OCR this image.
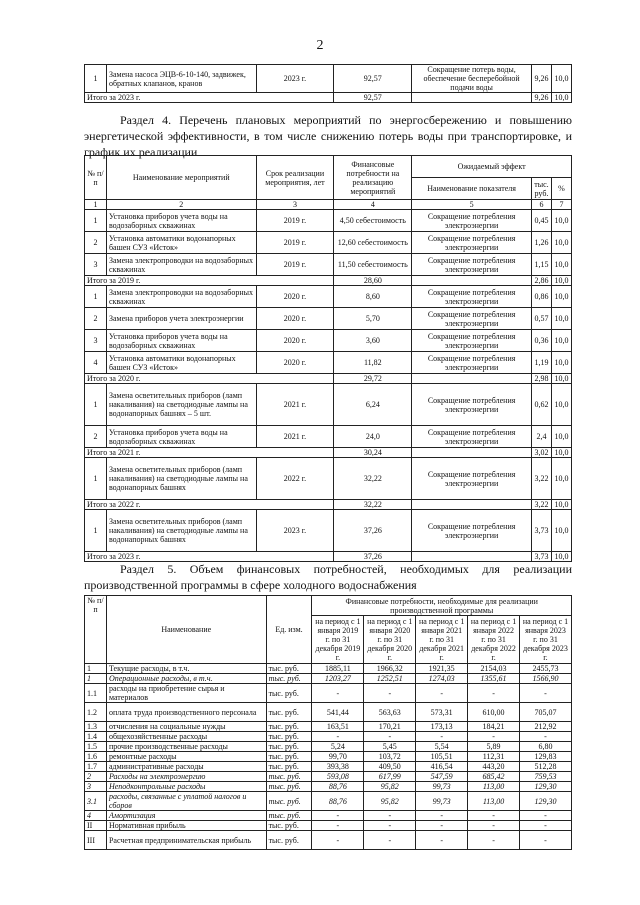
2
1	Замена насоса ЭЦВ-6-10-140, задвижек, обратных клапанов, кранов	2023 г.	92,57	Сокращение потерь воды, обеспечение бесперебойной подачи воды	9,26	10,0
Итого за 2023 г.			92,57		9,26	10,0
Раздел 4. Перечень плановых мероприятий по энергосбережению и повышению энергетической эффективности, в том числе снижению потерь воды при транспортировке, и график их реализации
№ п/п	Наименование мероприятий	Срок реализации мероприятия, лет	Финансовые потребности на реализацию мероприятий	Ожидаемый эффект		
				Наименование показателя	тыс. руб.	%
1	2	3	4	5	6	7
1	Установка приборов учета воды на водозаборных скважинах	2019 г.	4,50 себестоимость	Сокращение потребления электроэнергии	0,45	10,0
2	Установка автоматики водонапорных башен СУЗ «Исток»	2019 г.	12,60 себестоимость	Сокращение потребления электроэнергии	1,26	10,0
3	Замена электропроводки на водозаборных скважинах	2019 г.	11,50 себестоимость	Сокращение потребления электроэнергии	1,15	10,0
Итого за 2019 г.			28,60		2,86	10,0
1	Замена электропроводки на водозаборных скважинах	2020 г.	8,60	Сокращение потребления электроэнергии	0,86	10,0
2	Замена приборов учета электроэнергии	2020 г.	5,70	Сокращение потребления электроэнергии	0,57	10,0
3	Установка приборов учета воды на водозаборных скважинах	2020 г.	3,60	Сокращение потребления электроэнергии	0,36	10,0
4	Установка автоматики водонапорных башен СУЗ «Исток»	2020 г.	11,82	Сокращение потребления электроэнергии	1,19	10,0
Итого за 2020 г.			29,72		2,98	10,0
1	Замена осветительных приборов (ламп накаливания) на светодиодные лампы на водонапорных башнях – 5 шт.	2021 г.	6,24	Сокращение потребления электроэнергии	0,62	10,0
2	Установка приборов учета воды на водозаборных скважинах	2021 г.	24,0	Сокращение потребления электроэнергии	2,4	10,0
Итого за 2021 г.			30,24		3,02	10,0
1	Замена осветительных приборов (ламп накаливания) на светодиодные лампы на водонапорных башнях	2022 г.	32,22	Сокращение потребления электроэнергии	3,22	10,0
Итого за 2022 г.			32,22		3,22	10,0
1	Замена осветительных приборов (ламп накаливания) на светодиодные лампы на водонапорных башнях	2023 г.	37,26	Сокращение потребления электроэнергии	3,73	10,0
Итого за 2023 г.			37,26		3,73	10,0
Раздел 5. Объем финансовых потребностей, необходимых для реализации производственной программы в сфере холодного водоснабжения
№ п/п	Наименование	Ед. изм.	Финансовые потребности, необходимые для реализации производственной программы				
			на период с 1 января 2019 г. по 31 декабря 2019 г.	на период с 1 января 2020 г. по 31 декабря 2020 г.	на период с 1 января 2021 г. по 31 декабря 2021 г.	на период с 1 января 2022 г. по 31 декабря 2022 г.	на период с 1 января 2023 г. по 31 декабря 2023 г.
1	Текущие расходы, в т.ч.	тыс. руб.	1885,11	1966,32	1921,35	2154,03	2455,73
1	Операционные расходы, в т.ч.	тыс. руб.	1203,27	1252,51	1274,03	1355,61	1566,90
1.1	расходы на приобретение сырья и материалов	тыс. руб.	-	-	-	-	-
1.2	оплата труда производственного персонала	тыс. руб.	541,44	563,63	573,31	610,00	705,07
1.3	отчисления на социальные нужды	тыс. руб.	163,51	170,21	173,13	184,21	212,92
1.4	общехозяйственные расходы	тыс. руб.	-	-	-	-	-
1.5	прочие производственные расходы	тыс. руб.	5,24	5,45	5,54	5,89	6,80
1.6	ремонтные расходы	тыс. руб.	99,70	103,72	105,51	112,31	129,83
1.7	административные расходы	тыс. руб.	393,38	409,50	416,54	443,20	512,28
2	Расходы на электроэнергию	тыс. руб.	593,08	617,99	547,59	685,42	759,53
3	Неподконтрольные расходы	тыс. руб.	88,76	95,82	99,73	113,00	129,30
3.1	расходы, связанные с уплатой налогов и сборов	тыс. руб.	88,76	95,82	99,73	113,00	129,30
4	Амортизация	тыс. руб.	-	-	-	-	-
II	Нормативная прибыль	тыс. руб.	-	-	-	-	-
III	Расчетная предпринимательская прибыль	тыс. руб.	-	-	-	-	-
